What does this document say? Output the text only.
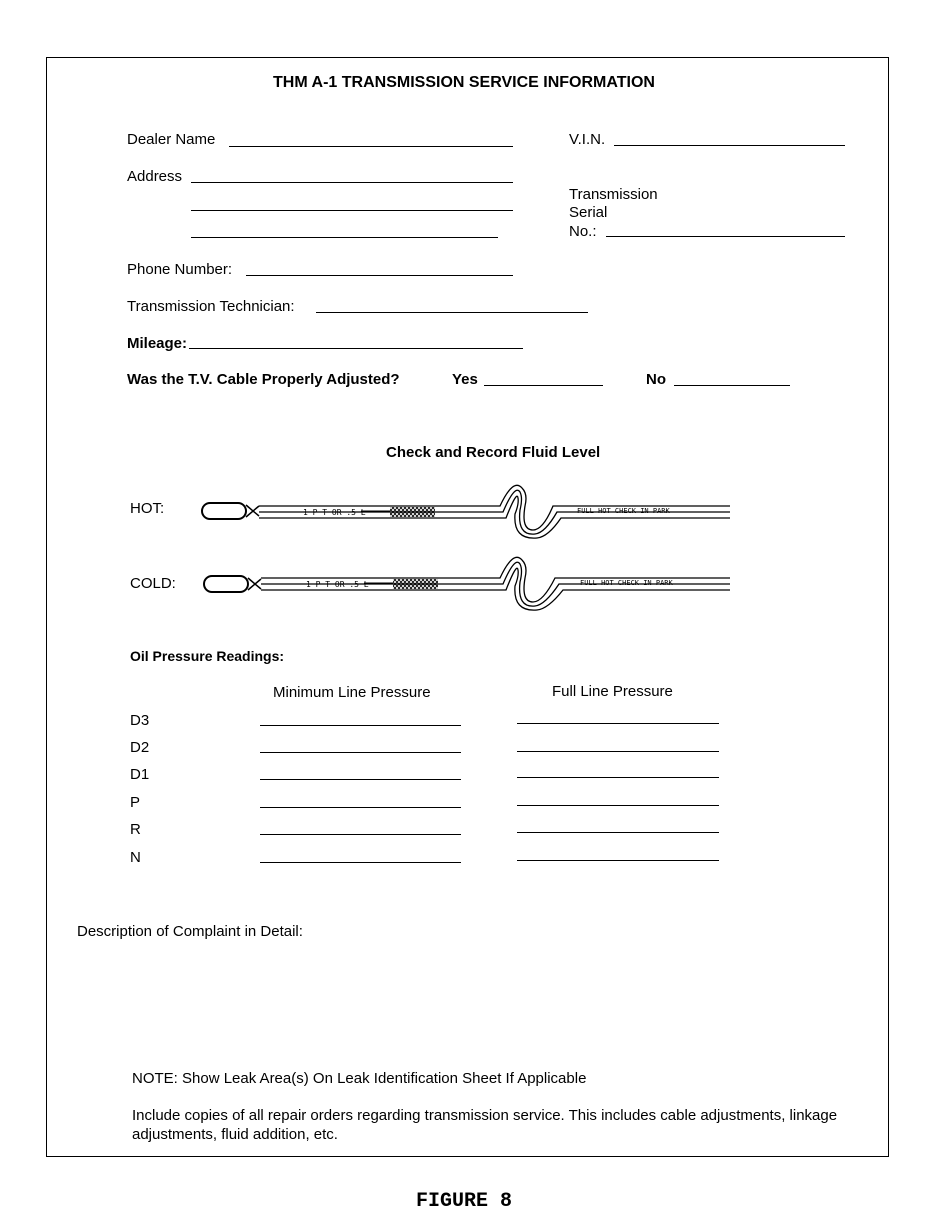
THM A-1 TRANSMISSION SERVICE INFORMATION
Dealer Name	V.I.N.
Address
Transmission
Serial
No.:
Phone Number:
Transmission Technician:
Mileage:
Was the T.V. Cable Properly Adjusted?	Yes	No
Check and Record Fluid Level
HOT:
COLD:
1 P T OR .5 L	FULL HOT CHECK IN PARK
1 P T OR .5 L	FULL HOT CHECK IN PARK
Oil Pressure Readings:
Minimum Line Pressure	Full Line Pressure
D3
D2
D1
P
R
N
Description of Complaint in Detail:
NOTE: Show Leak Area(s) On Leak Identification Sheet If Applicable
Include copies of all repair orders regarding transmission service. This includes cable adjustments, linkage adjustments, fluid addition, etc.
FIGURE 8
